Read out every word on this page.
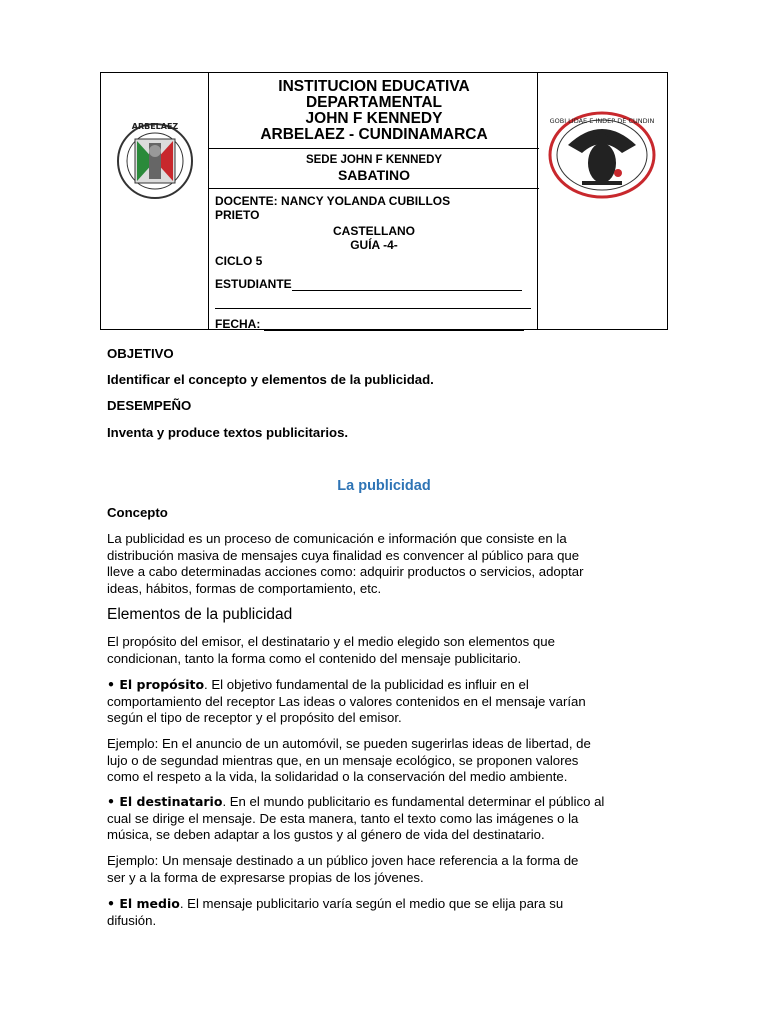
ARBELAEZ
INSTITUCION EDUCATIVA
DEPARTAMENTAL
JOHN F KENNEDY
ARBELAEZ - CUNDINAMARCA
SEDE JOHN F KENNEDY
SABATINO
DOCENTE: NANCY YOLANDA CUBILLOS
PRIETO
CASTELLANO
GUÍA -4-
CICLO 5
ESTUDIANTE
FECHA:
GOBI LIDAE E INDEP DE CUNDIN
OBJETIVO
Identificar el concepto y elementos de la publicidad.
DESEMPEÑO
Inventa y produce textos publicitarios.
La publicidad
Concepto
La publicidad es un proceso de comunicación e información que consiste en la
distribución masiva de mensajes cuya finalidad es convencer al público para que
lleve a cabo determinadas acciones como: adquirir productos o servicios, adoptar
ideas, hábitos, formas de comportamiento, etc.
Elementos de la publicidad
El propósito del emisor, el destinatario y el medio elegido son elementos que
condicionan, tanto la forma como el contenido del mensaje publicitario.
• El propósito. El objetivo fundamental de la publicidad es influir en el
comportamiento del receptor Las ideas o valores contenidos en el mensaje varían
según el tipo de receptor y el propósito del emisor.
Ejemplo: En el anuncio de un automóvil, se pueden sugerirlas ideas de libertad, de
lujo o de segundad mientras que, en un mensaje ecológico, se proponen valores
como el respeto a la vida, la solidaridad o la conservación del medio ambiente.
• El destinatario. En el mundo publicitario es fundamental determinar el público al
cual se dirige el mensaje. De esta manera, tanto el texto como las imágenes o la
música, se deben adaptar a los gustos y al género de vida del destinatario.
Ejemplo: Un mensaje destinado a un público joven hace referencia a la forma de
ser y a la forma de expresarse propias de los jóvenes.
• El medio. El mensaje publicitario varía según el medio que se elija para su
difusión.
